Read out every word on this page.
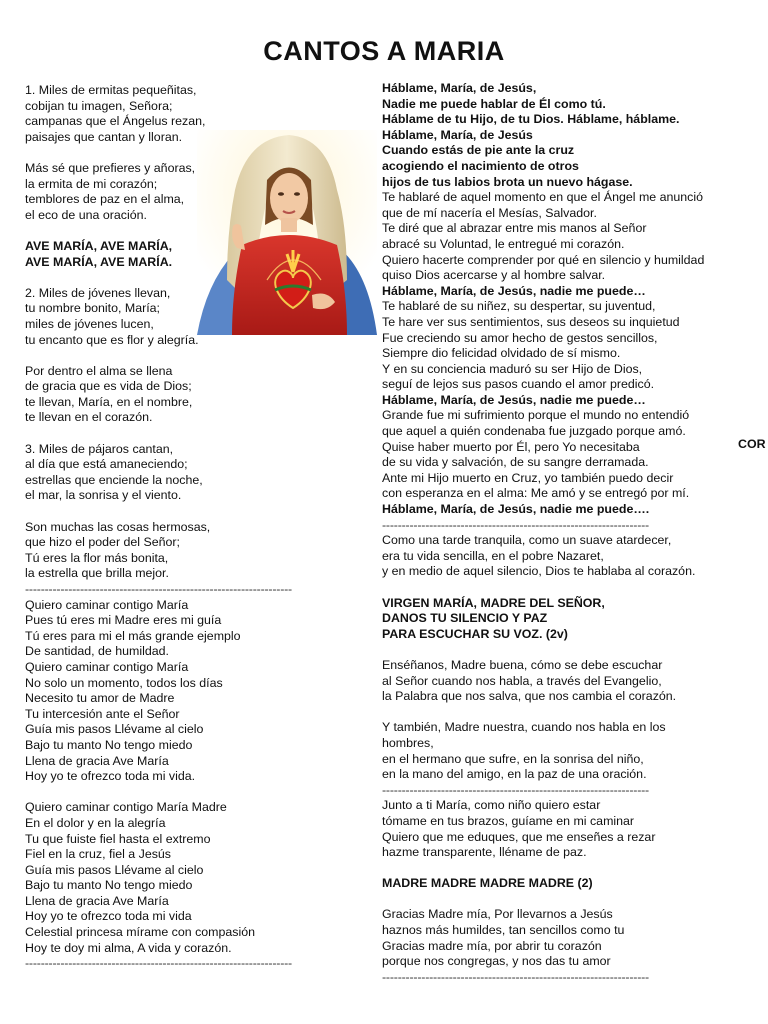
CANTOS A MARIA
1. Miles de ermitas pequeñitas,
cobijan tu imagen, Señora;
campanas que el Ángelus rezan,
paisajes que cantan y lloran.
Más sé que prefieres y añoras,
la ermita de mi corazón;
temblores de paz en el alma,
el eco de una oración.
AVE MARÍA, AVE MARÍA,
AVE MARÍA, AVE MARÍA.
2. Miles de jóvenes llevan,
tu nombre bonito, María;
miles de jóvenes lucen,
tu encanto que es flor y alegría.
Por dentro el alma se llena
de gracia que es vida de Dios;
te llevan, María, en el nombre,
te llevan en el corazón.
3. Miles de pájaros cantan,
al día que está amaneciendo;
estrellas que enciende la noche,
el mar, la sonrisa y el viento.
Son muchas las cosas hermosas,
que hizo el poder del Señor;
Tú eres la flor más bonita,
la estrella que brilla mejor.
--------------------------------------------------------------------
Quiero caminar contigo María
Pues tú eres mi Madre eres mi guía
Tú eres para mi el más grande ejemplo
De santidad, de humildad.
Quiero caminar contigo María
No solo un momento, todos los días
Necesito tu amor de Madre
Tu intercesión ante el Señor
Guía mis pasos Llévame al cielo
Bajo tu manto No tengo miedo
Llena de gracia Ave María
Hoy yo te ofrezco toda mi vida.
Quiero caminar contigo María Madre
En el dolor y en la alegría
Tu que fuiste fiel hasta el extremo
Fiel en la cruz, fiel a Jesús
Guía mis pasos Llévame al cielo
Bajo tu manto No tengo miedo
Llena de gracia Ave María
Hoy yo te ofrezco toda mi vida
Celestial princesa mírame con compasión
Hoy te doy mi alma, A vida y corazón.
--------------------------------------------------------------------
Háblame, María, de Jesús,
Nadie me puede hablar de Él como tú.
Háblame de tu Hijo, de tu Dios. Háblame, háblame.
Háblame, María, de Jesús
Cuando estás de pie ante la cruz
acogiendo el nacimiento de otros
hijos de tus labios brota un nuevo hágase.
Te hablaré de aquel momento en que el Ángel me anunció
que de mí nacería el Mesías, Salvador.
Te diré que al abrazar entre mis manos al Señor
abracé su Voluntad, le entregué mi corazón.
Quiero hacerte comprender por qué en silencio y humildad
quiso Dios acercarse y al hombre salvar.
Háblame, María, de Jesús, nadie me puede…
Te hablaré de su niñez, su despertar, su juventud,
Te hare ver sus sentimientos, sus deseos su inquietud
Fue creciendo su amor hecho de gestos sencillos,
Siempre dio felicidad olvidado de sí mismo.
Y en su conciencia maduró su ser Hijo de Dios,
seguí de lejos sus pasos cuando el amor predicó.
Háblame, María, de Jesús, nadie me puede…
Grande fue mi sufrimiento porque el mundo no entendió
que aquel a quién condenaba fue juzgado porque amó.
Quise haber muerto por Él, pero Yo necesitaba
de su vida y salvación, de su sangre derramada.
Ante mi Hijo muerto en Cruz, yo también puedo decir
con esperanza en el alma: Me amó y se entregó por mí.
Háblame, María, de Jesús, nadie me puede….
--------------------------------------------------------------------
Como una tarde tranquila, como un suave atardecer,
era tu vida sencilla, en el pobre Nazaret,
y en medio de aquel silencio, Dios te hablaba al corazón.
VIRGEN MARÍA, MADRE DEL SEÑOR,
DANOS TU SILENCIO Y PAZ
PARA ESCUCHAR SU VOZ. (2v)
Enséñanos, Madre buena, cómo se debe escuchar
al Señor cuando nos habla, a través del Evangelio,
la Palabra que nos salva, que nos cambia el corazón.
Y también, Madre nuestra, cuando nos habla en los
hombres,
en el hermano que sufre, en la sonrisa del niño,
en la mano del amigo, en la paz de una oración.
--------------------------------------------------------------------
Junto a ti María, como niño quiero estar
tómame en tus brazos, guíame en mi caminar
Quiero que me eduques, que me enseñes a rezar
hazme transparente, lléname de paz.
MADRE MADRE MADRE MADRE (2)
Gracias Madre mía, Por llevarnos a Jesús
haznos más humildes, tan sencillos como tu
Gracias madre mía, por abrir tu corazón
porque nos congregas, y nos das tu amor
--------------------------------------------------------------------
COR
